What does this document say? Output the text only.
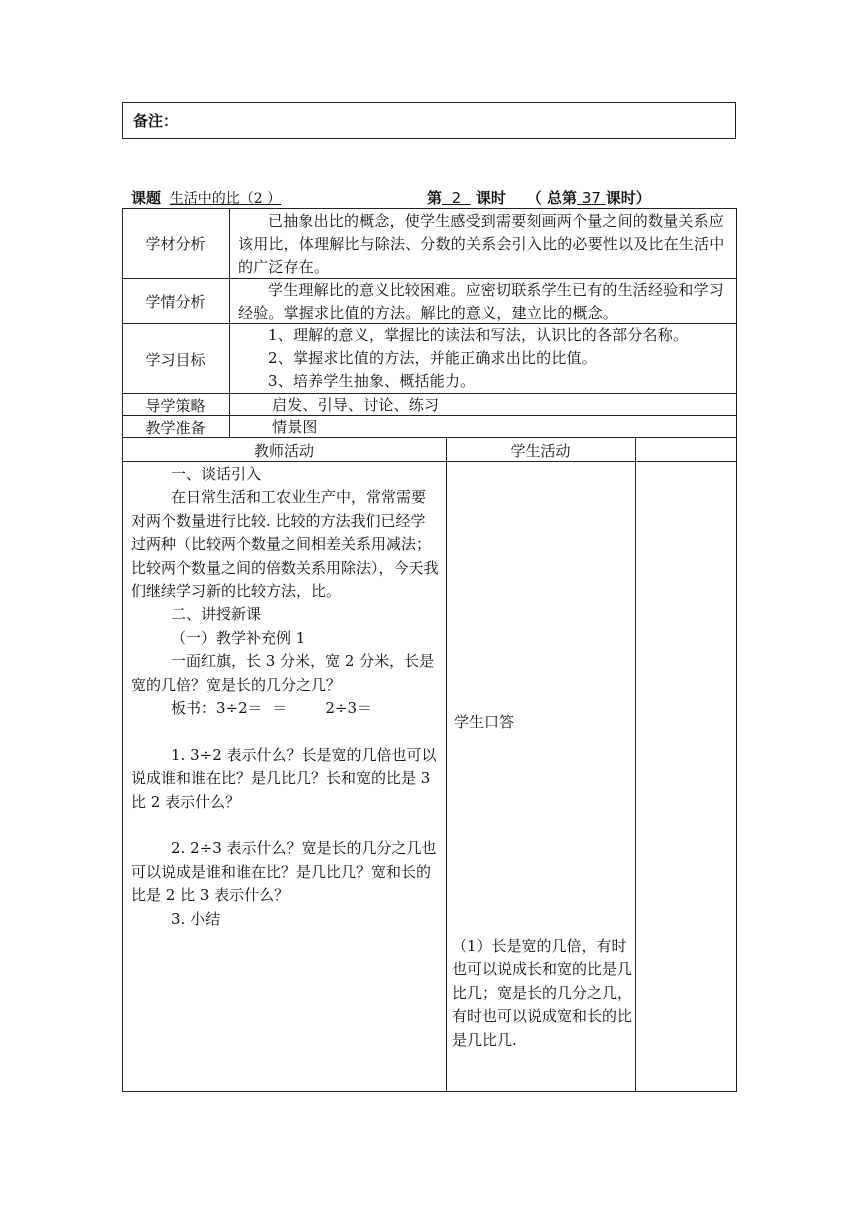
备注：
课题 生活中的比（2 ）	第 2 课时 （ 总第 37 课时）
学材分析
学情分析
学习目标
导学策略
教学准备
已抽象出比的概念，使学生感受到需要刻画两个量之间的数量关系应该用比，体理解比与除法、分数的关系会引入比的必要性以及比在生活中的广泛存在。
学生理解比的意义比较困难。应密切联系学生已有的生活经验和学习经验。掌握求比值的方法。解比的意义，建立比的概念。
1、理解的意义，掌握比的读法和写法，认识比的各部分名称。
2、掌握求比值的方法，并能正确求出比的比值。
3、培养学生抽象、概括能力。
启发、引导、讨论、练习
情景图
教师活动	学生活动

一、谈话引入

在日常生活和工农业生产中，常常需要对两个数量进行比较. 比较的方法我们已经学过两种（比较两个数量之间相差关系用减法；比较两个数量之间的倍数关系用除法），今天我们继续学习新的比较方法，比。

二、讲授新课

（一）教学补充例 1

一面红旗，长 3 分米，宽 2 分米，长是宽的几倍？宽是长的几分之几？

板书：3÷2＝  ＝        2÷3＝

1. 3÷2 表示什么？长是宽的几倍也可以说成谁和谁在比？是几比几？长和宽的比是 3 比 2 表示什么？

2. 2÷3 表示什么？宽是长的几分之几也可以说成是谁和谁在比？是几比几？宽和长的比是 2 比 3 表示什么？

3. 小结

学生口答
（1）长是宽的几倍，有时也可以说成长和宽的比是几比几；宽是长的几分之几，有时也可以说成宽和长的比是几比几.
